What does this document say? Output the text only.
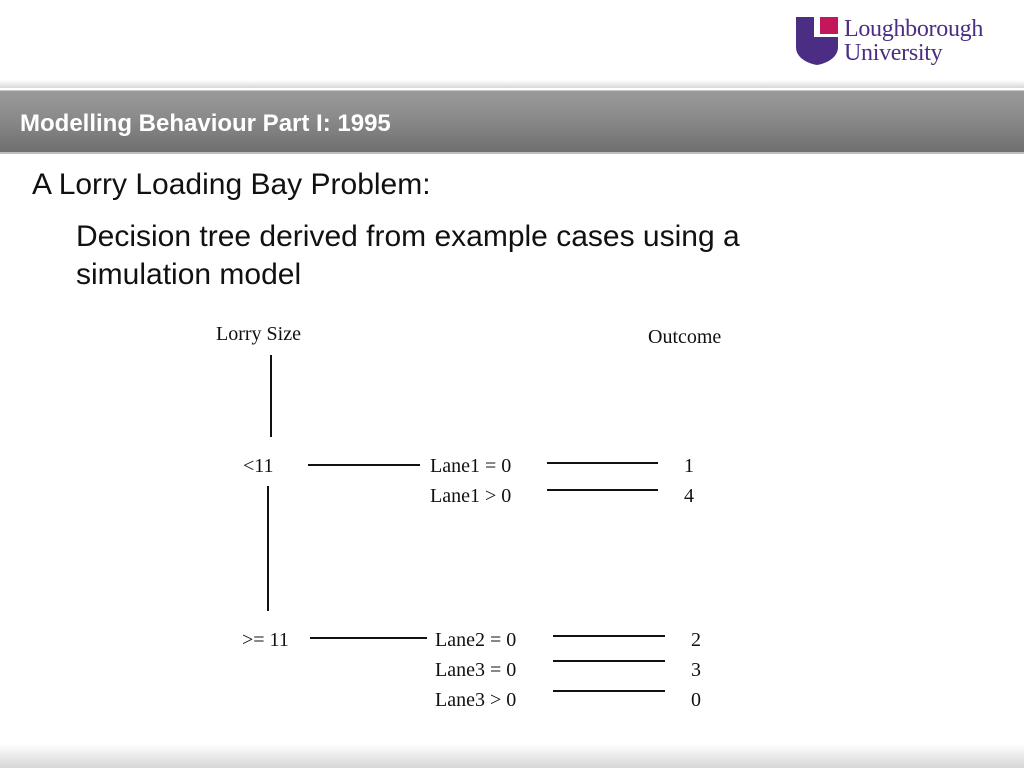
Loughborough
University
Modelling Behaviour Part I: 1995
A Lorry Loading Bay Problem:
Decision tree derived from example cases using a simulation model
Lorry Size	Outcome
<11	Lane1 = 0	1
Lane1 > 0	4
>= 11	Lane2 = 0	2
Lane3 = 0	3
Lane3 > 0	0
